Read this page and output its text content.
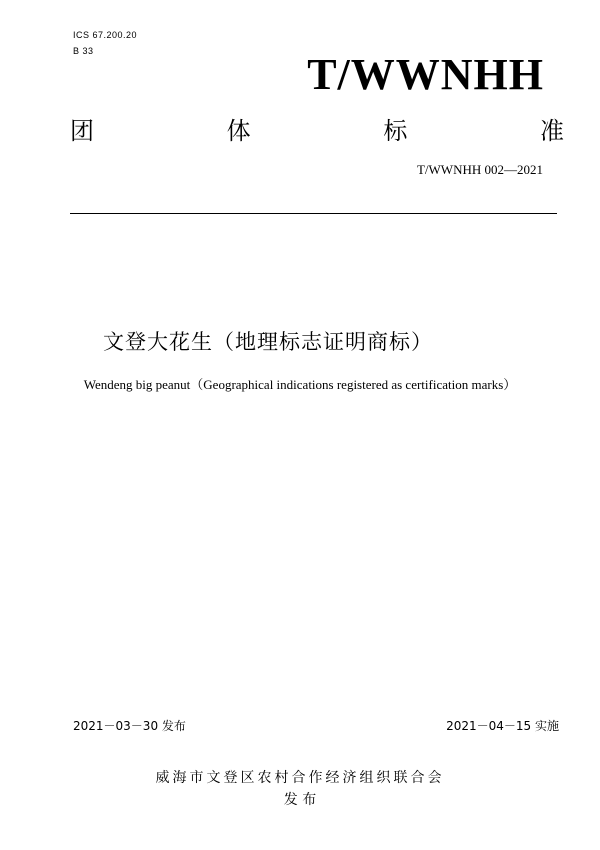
ICS 67.200.20
B 33	T/WWNHH
团	体	标	准
T/WWNHH 002—2021
文登大花生（地理标志证明商标）
Wendeng big peanut（Geographical indications registered as certification marks）
2021－03－30 发布	2021－04－15 实施
威海市文登区农村合作经济组织联合会
发 布
